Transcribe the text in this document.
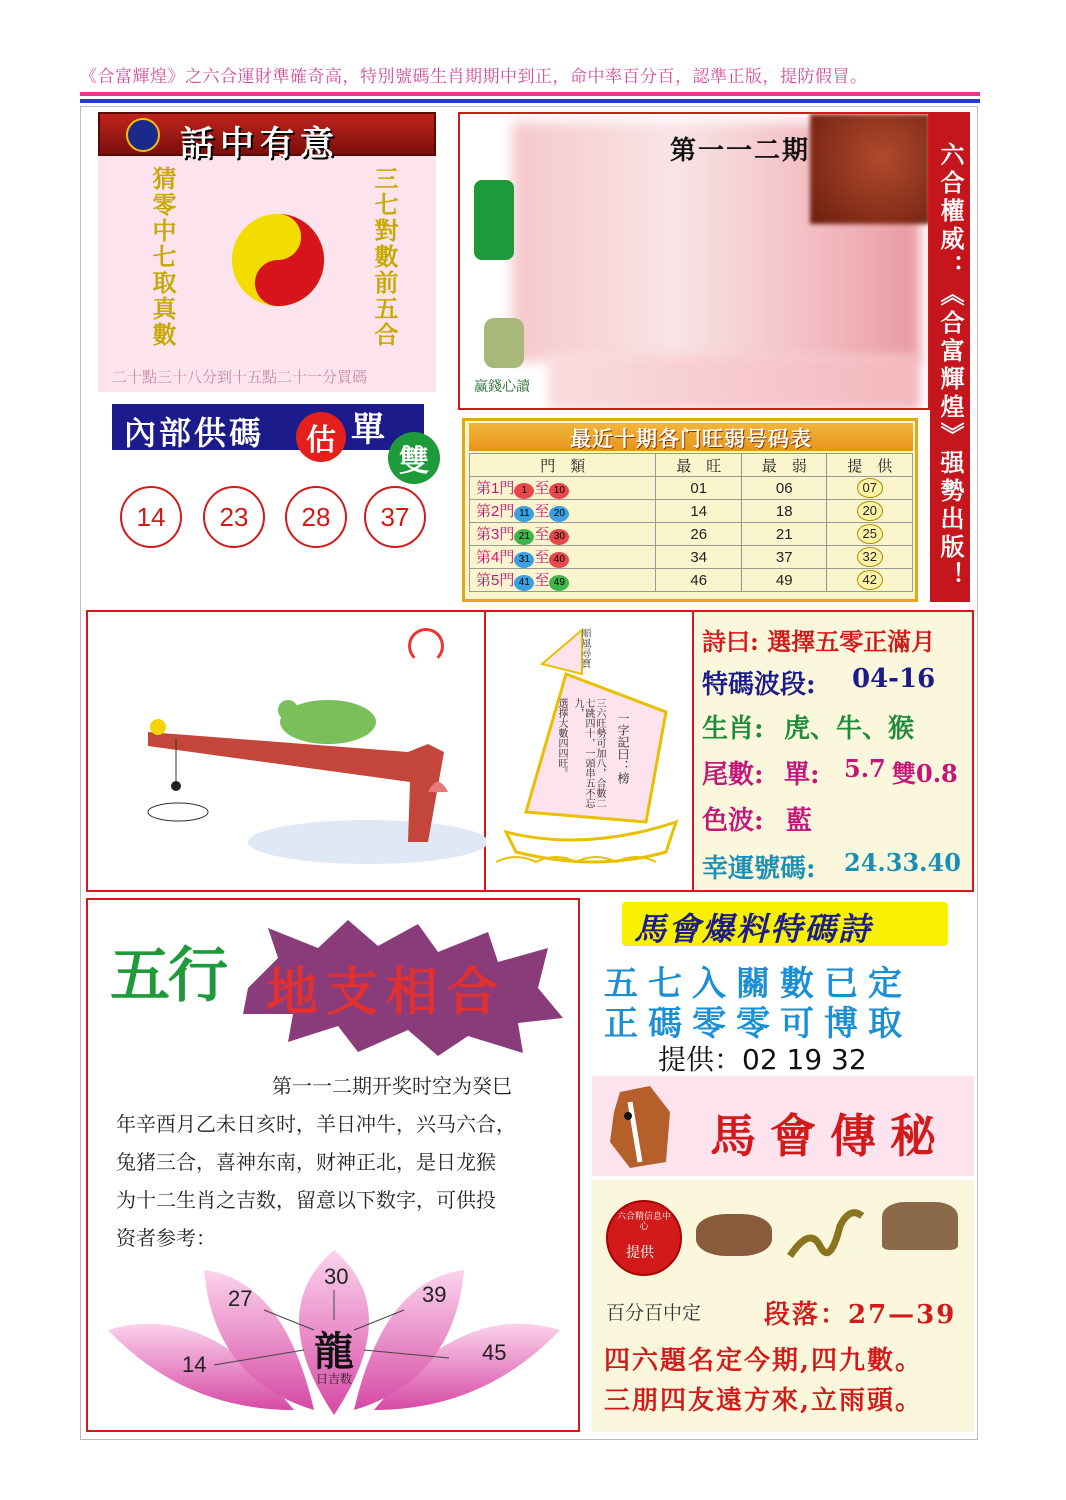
《合富輝煌》之六合運財準確奇高，特別號碼生肖期期中到正，命中率百分百，認準正版，提防假冒。
話中有意
猜零中七取真數	三七對數前五合
二十點三十八分到十五點二十一分買碼
內部供碼 估 單
雙
14	23	28	37
第一一二期
赢錢心讀	六合權威：《合富輝煌》强勢出版！
最近十期各门旺弱号码表
門　類	最　旺	最　弱	提　供
第1門 1 至 10	01	06	07
第2門 11 至 20	14	18	20
第3門 21 至 30	26	21	25
第4門 31 至 40	34	37	32
第5門 41 至 49	46	49	42
順風尋寶
一字記曰：榜
三六旺勢可加八，合數二七跳四十，一頭串五不忘九，
選擇大數四四旺。
詩曰: 選擇五零正滿月
特碼波段: 04-16
生肖: 虎、牛、猴
尾數: 單: 5.7 雙0.8
色波: 藍
幸運號碼: 24.33.40
五行 地支相合
第一一二期开奖时空为癸巳
年辛酉月乙未日亥时，羊日冲牛，兴马六合，
兔猪三合，喜神东南，财神正北，是日龙猴
为十二生肖之吉数，留意以下数字，可供投
资者参考：
30
27	39
14	45
龍
日吉数
馬會爆料特碼詩
五七入關數已定
正碼零零可博取
提供：02 19 32
馬會傳秘
六合精信息中心
提供
百分百中定 段落：27—39
四六題名定今期,四九數。
三朋四友遠方來,立雨頭。
